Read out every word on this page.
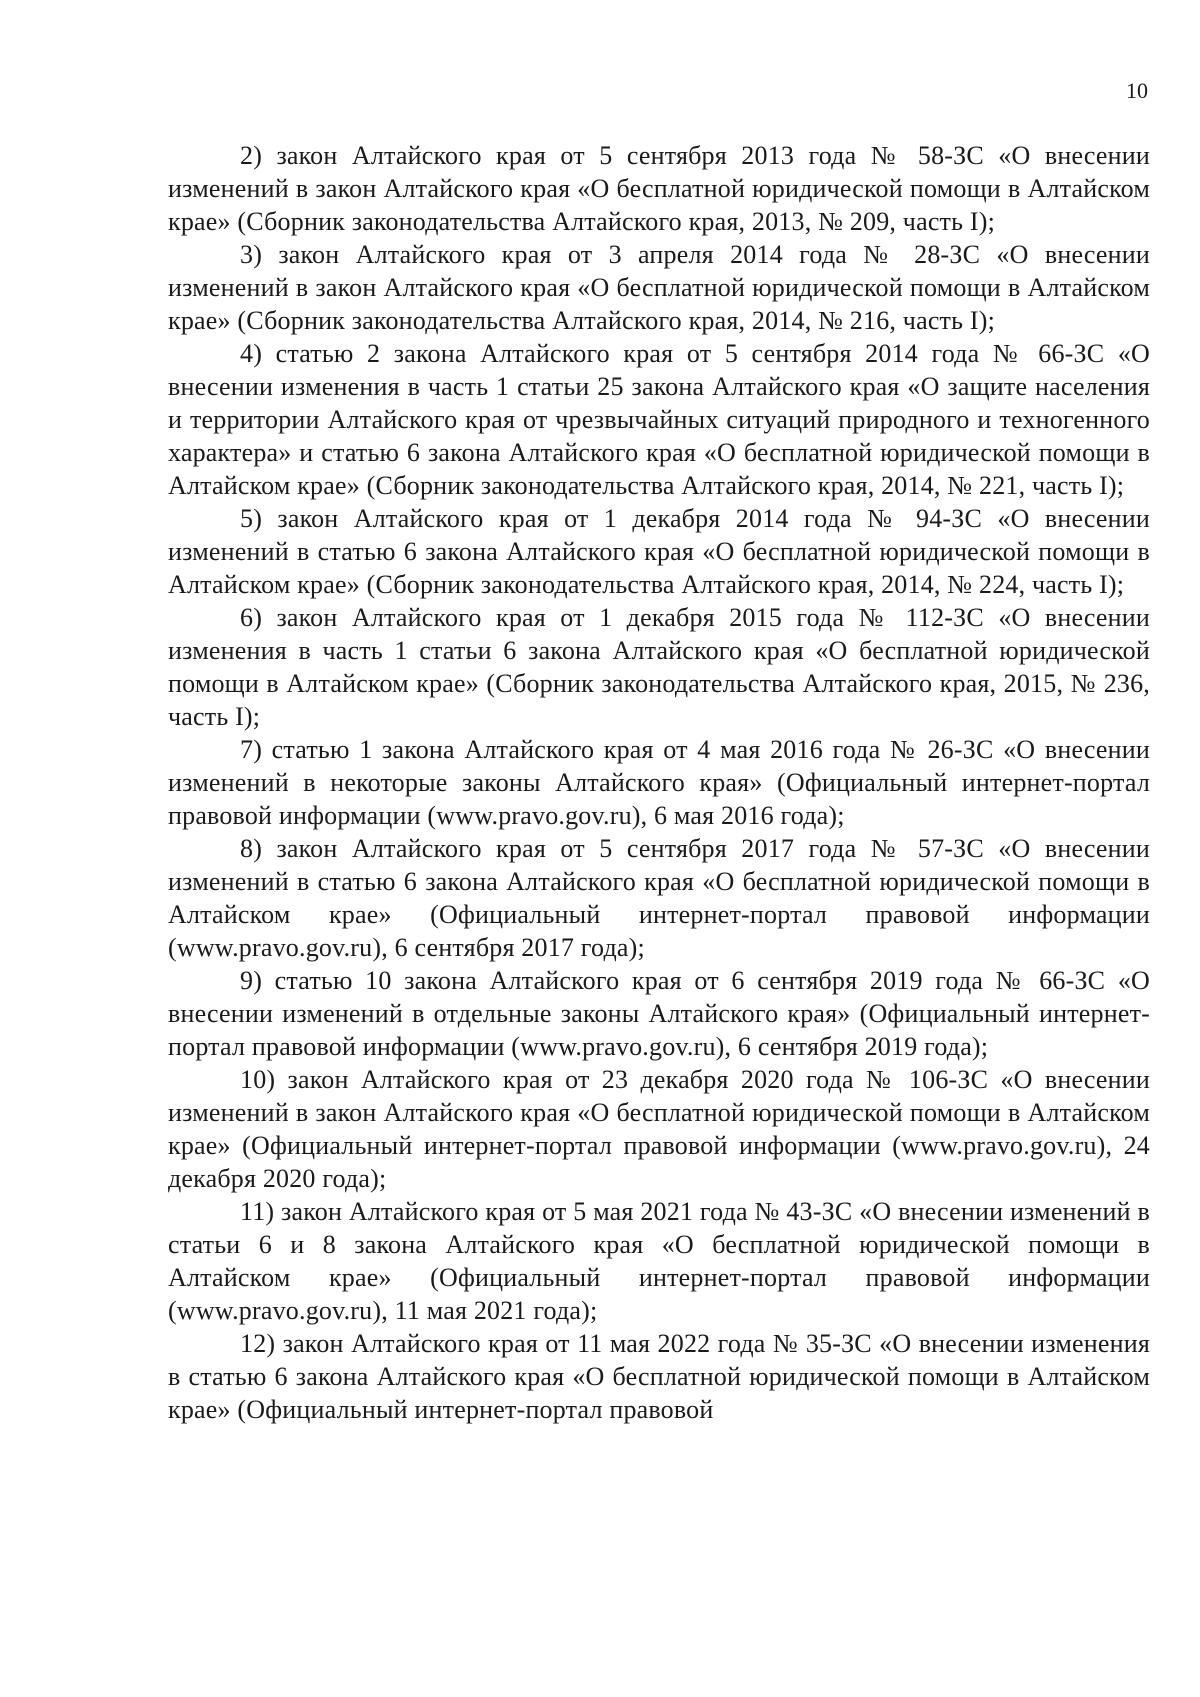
10

2) закон Алтайского края от 5 сентября 2013 года № 58-ЗС «О внесении изменений в закон Алтайского края «О бесплатной юридической помощи в Алтайском крае» (Сборник законодательства Алтайского края, 2013, № 209, часть I);

3) закон Алтайского края от 3 апреля 2014 года № 28-ЗС «О внесении изменений в закон Алтайского края «О бесплатной юридической помощи в Алтайском крае» (Сборник законодательства Алтайского края, 2014, № 216, часть I);

4) статью 2 закона Алтайского края от 5 сентября 2014 года № 66-ЗС «О внесении изменения в часть 1 статьи 25 закона Алтайского края «О защите населения и территории Алтайского края от чрезвычайных ситуаций природного и техногенного характера» и статью 6 закона Алтайского края «О бесплатной юридической помощи в Алтайском крае» (Сборник законодательства Алтайского края, 2014, № 221, часть I);

5) закон Алтайского края от 1 декабря 2014 года № 94-ЗС «О внесении изменений в статью 6 закона Алтайского края «О бесплатной юридической помощи в Алтайском крае» (Сборник законодательства Алтайского края, 2014, № 224, часть I);

6) закон Алтайского края от 1 декабря 2015 года № 112-ЗС «О внесении изменения в часть 1 статьи 6 закона Алтайского края «О бесплатной юридической помощи в Алтайском крае» (Сборник законодательства Алтайского края, 2015, № 236, часть I);

7) статью 1 закона Алтайского края от 4 мая 2016 года № 26-ЗС «О внесении изменений в некоторые законы Алтайского края» (Официальный интернет-портал правовой информации (www.pravo.gov.ru), 6 мая 2016 года);

8) закон Алтайского края от 5 сентября 2017 года № 57-ЗС «О внесении изменений в статью 6 закона Алтайского края «О бесплатной юридической помощи в Алтайском крае» (Официальный интернет-портал правовой информации (www.pravo.gov.ru), 6 сентября 2017 года);

9) статью 10 закона Алтайского края от 6 сентября 2019 года № 66-ЗС «О внесении изменений в отдельные законы Алтайского края» (Официальный интернет-портал правовой информации (www.pravo.gov.ru), 6 сентября 2019 года);

10) закон Алтайского края от 23 декабря 2020 года № 106-ЗС «О внесении изменений в закон Алтайского края «О бесплатной юридической помощи в Алтайском крае» (Официальный интернет-портал правовой информации (www.pravo.gov.ru), 24 декабря 2020 года);

11) закон Алтайского края от 5 мая 2021 года № 43-ЗС «О внесении изменений в статьи 6 и 8 закона Алтайского края «О бесплатной юридической помощи в Алтайском крае» (Официальный интернет-портал правовой информации (www.pravo.gov.ru), 11 мая 2021 года);

12) закон Алтайского края от 11 мая 2022 года № 35-ЗС «О внесении изменения в статью 6 закона Алтайского края «О бесплатной юридической помощи в Алтайском крае» (Официальный интернет-портал правовой
